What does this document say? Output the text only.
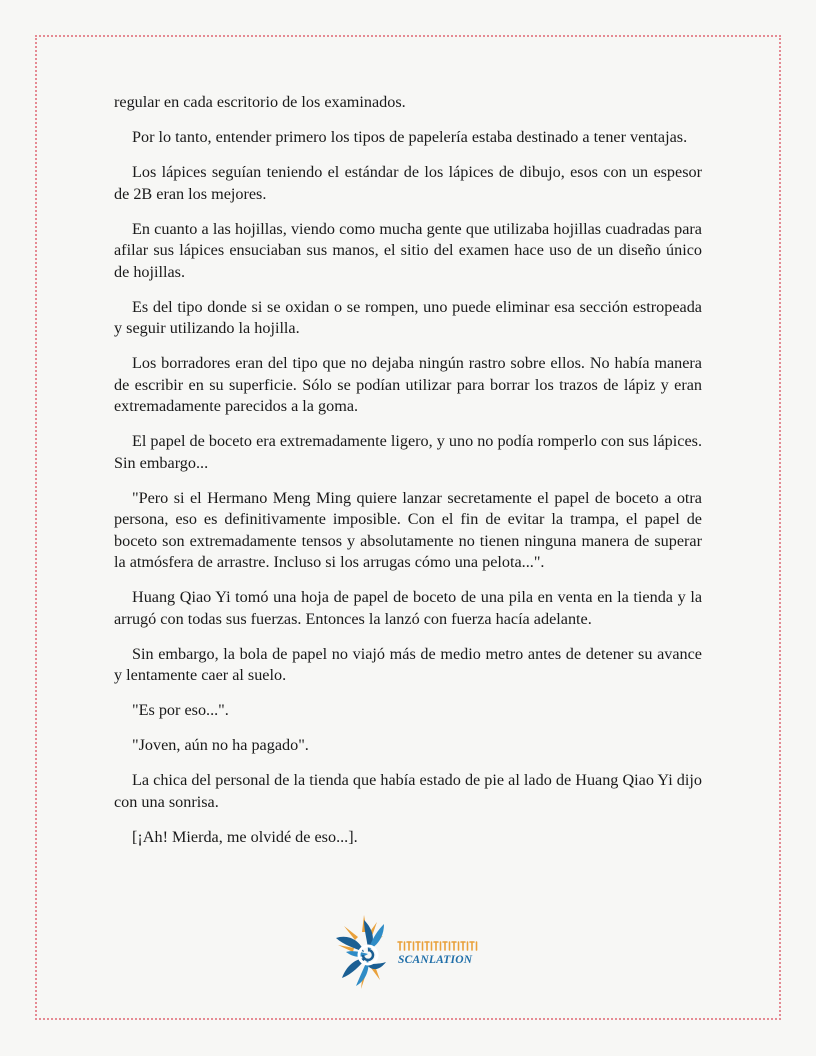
regular en cada escritorio de los examinados.

Por lo tanto, entender primero los tipos de papelería estaba destinado a tener ventajas.

Los lápices seguían teniendo el estándar de los lápices de dibujo, esos con un espesor de 2B eran los mejores.

En cuanto a las hojillas, viendo como mucha gente que utilizaba hojillas cuadradas para afilar sus lápices ensuciaban sus manos, el sitio del examen hace uso de un diseño único de hojillas.

Es del tipo donde si se oxidan o se rompen, uno puede eliminar esa sección estropeada y seguir utilizando la hojilla.

Los borradores eran del tipo que no dejaba ningún rastro sobre ellos. No había manera de escribir en su superficie. Sólo se podían utilizar para borrar los trazos de lápiz y eran extremadamente parecidos a la goma.

El papel de boceto era extremadamente ligero, y uno no podía romperlo con sus lápices. Sin embargo...

"Pero si el Hermano Meng Ming quiere lanzar secretamente el papel de boceto a otra persona, eso es definitivamente imposible. Con el fin de evitar la trampa, el papel de boceto son extremadamente tensos y absolutamente no tienen ninguna manera de superar la atmósfera de arrastre. Incluso si los arrugas cómo una pelota...".

Huang Qiao Yi tomó una hoja de papel de boceto de una pila en venta en la tienda y la arrugó con todas sus fuerzas. Entonces la lanzó con fuerza hacía adelante.

Sin embargo, la bola de papel no viajó más de medio metro antes de detener su avance y lentamente caer al suelo.

"Es por eso...".

"Joven, aún no ha pagado".

La chica del personal de la tienda que había estado de pie al lado de Huang Qiao Yi dijo con una sonrisa.

[¡Ah! Mierda, me olvidé de eso...].

SCANLATION
